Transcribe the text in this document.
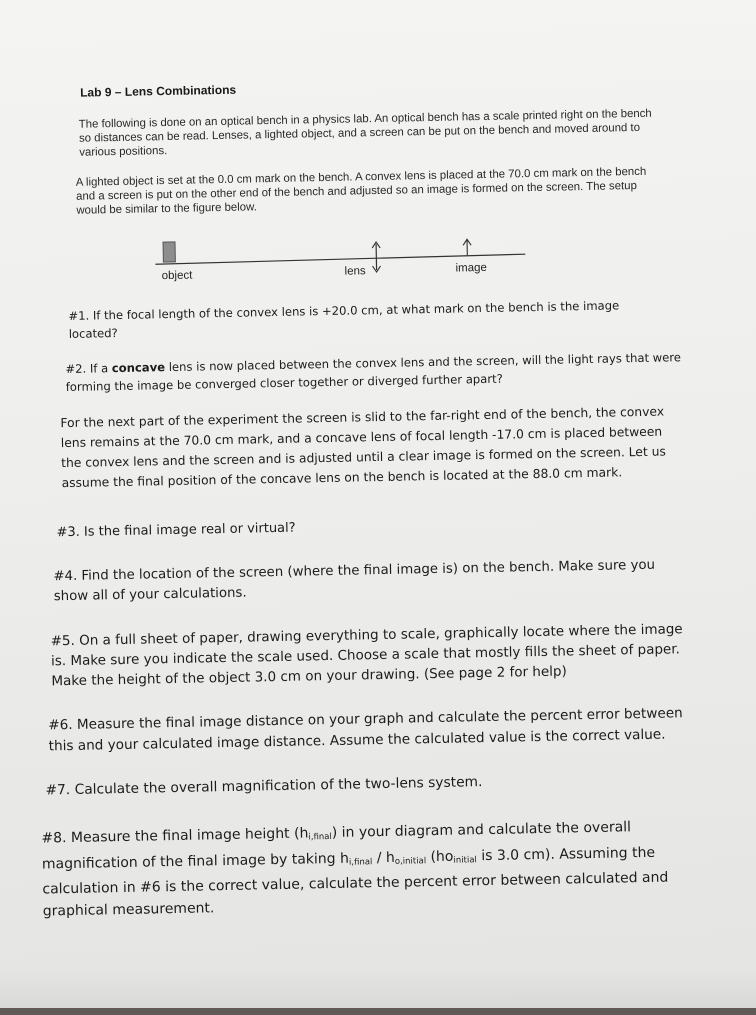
Lab 9 – Lens Combinations
The following is done on an optical bench in a physics lab. An optical bench has a scale printed right on the bench so distances can be read. Lenses, a lighted object, and a screen can be put on the bench and moved around to various positions.
A lighted object is set at the 0.0 cm mark on the bench. A convex lens is placed at the 70.0 cm mark on the bench and a screen is put on the other end of the bench and adjusted so an image is formed on the screen. The setup would be similar to the figure below.
object	lens	image
#1. If the focal length of the convex lens is +20.0 cm, at what mark on the bench is the image located?
#2. If a concave lens is now placed between the convex lens and the screen, will the light rays that were forming the image be converged closer together or diverged further apart?
For the next part of the experiment the screen is slid to the far-right end of the bench, the convex lens remains at the 70.0 cm mark, and a concave lens of focal length -17.0 cm is placed between the convex lens and the screen and is adjusted until a clear image is formed on the screen. Let us assume the final position of the concave lens on the bench is located at the 88.0 cm mark.
#3. Is the final image real or virtual?
#4. Find the location of the screen (where the final image is) on the bench. Make sure you show all of your calculations.
#5. On a full sheet of paper, drawing everything to scale, graphically locate where the image is. Make sure you indicate the scale used. Choose a scale that mostly fills the sheet of paper. Make the height of the object 3.0 cm on your drawing. (See page 2 for help)
#6. Measure the final image distance on your graph and calculate the percent error between this and your calculated image distance. Assume the calculated value is the correct value.
#7. Calculate the overall magnification of the two-lens system.
#8. Measure the final image height $(h_{i,final})$ in your diagram and calculate the overall
magnification of the final image by taking $h_{i,final} / h_{o,initial}$ ($ho_{initial}$ is 3.0 cm). Assuming the
calculation in #6 is the correct value, calculate the percent error between calculated and
graphical measurement.
